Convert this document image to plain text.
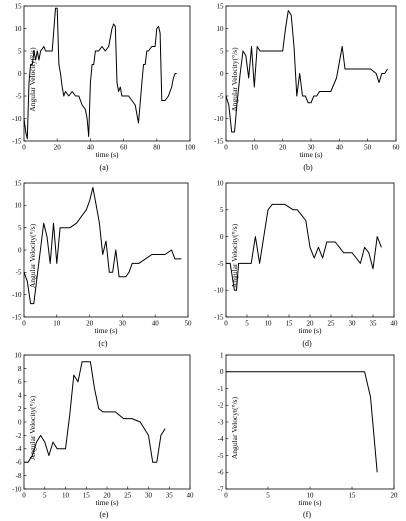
-15
-10
-5
0
5
10
15
0	20	40	60	80	100
time (s)
Angular Velocity(°/s)
(a)
-15
-10
-5
0
5
10
15
0	10	20	30	40	50	60
time (s)
Angular Velocity(°/s)
(b)
-15
-10
-5
0
5
10
15
0	10	20	30	40	50
time (s)
Angular Velocity(°/s)
(c)
-15
-10
-5
0
5
10
0	5 10 15 20 25 30 35 40
time (s)
Angular Velocity(°/s)
(d)
-10
-8
-6
-4
-2
0
2
4
6
8
10
0 5 10 15 20 25 30 35 40
time (s)
Angular Velocity(°/s)
(e)
-7
-6
-5
-4
-3
-2
-1
0
1
0	5	10	15	20
time (s)
Angular Velocyt(°/s)
(f)
